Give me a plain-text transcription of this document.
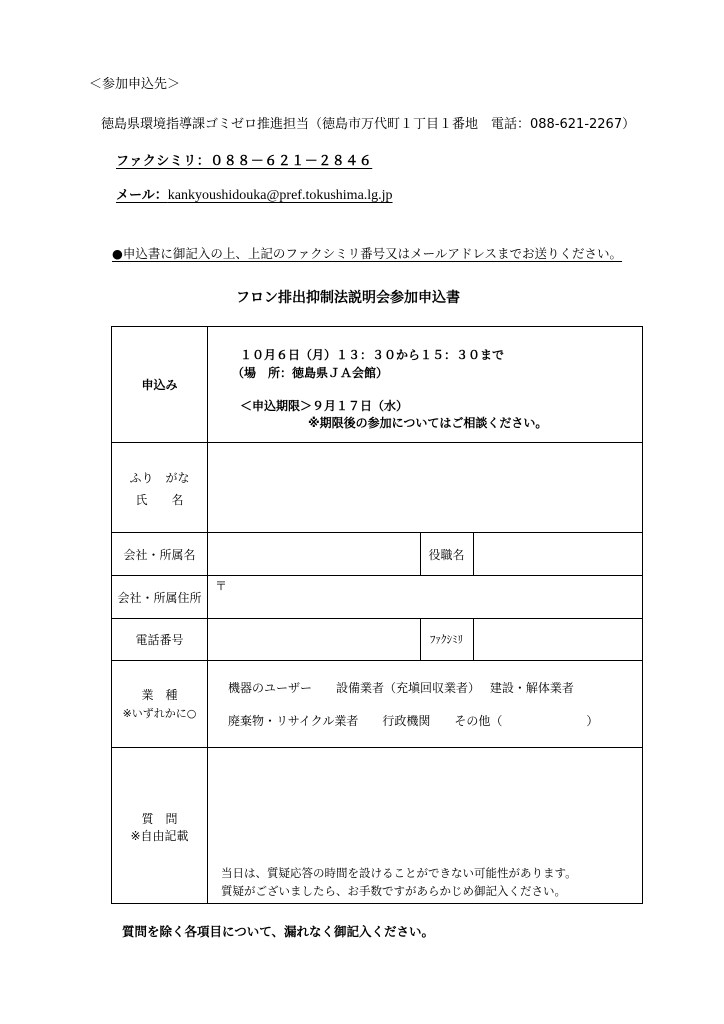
＜参加申込先＞
徳島県環境指導課ゴミゼロ推進担当（徳島市万代町１丁目１番地　電話：088-621-2267）
ファクシミリ：０８８－６２１－２８４６
メール：kankyoushidouka@pref.tokushima.lg.jp
●申込書に御記入の上、上記のファクシミリ番号又はメールアドレスまでお送りください。
フロン排出抑制法説明会参加申込書
申込み
１０月６日（月）１３：３０から１５：３０まで
（場　所：徳島県ＪＡ会館）
＜申込期限＞９月１７日（水）
※期限後の参加についてはご相談ください。
ふり　がな
氏　　名
会社・所属名	役職名
会社・所属住所
〒
電話番号	ﾌｧｸｼﾐﾘ
業　種
※いずれかに○
機器のユーザー　　設備業者（充塡回収業者）　 建設・解体業者
廃棄物・リサイクル業者　　行政機関　　その他（　　　　　　　）
質　問
※自由記載
当日は、質疑応答の時間を設けることができない可能性があります。
質疑がございましたら、お手数ですがあらかじめ御記入ください。
質問を除く各項目について、漏れなく御記入ください。
